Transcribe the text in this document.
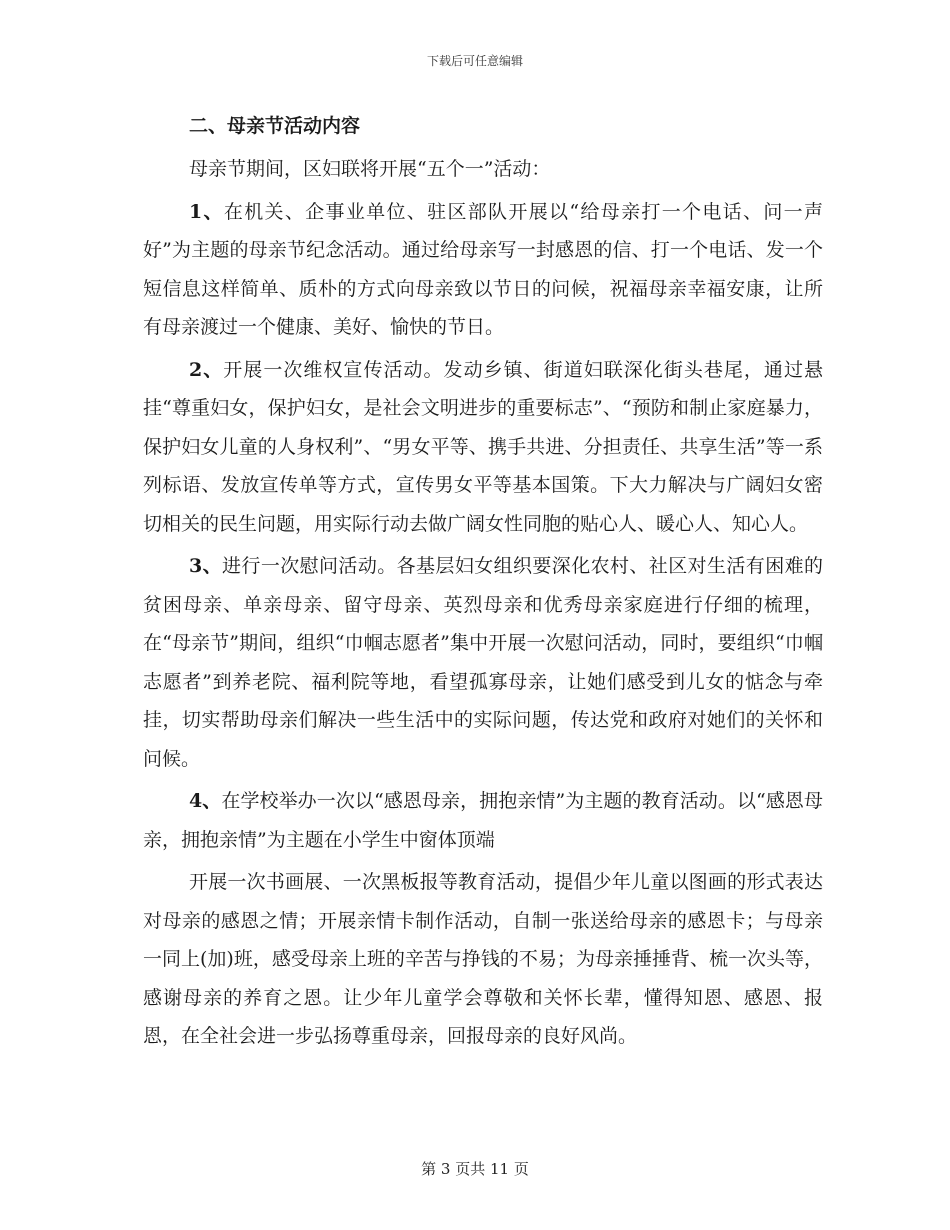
下载后可任意编辑
二、母亲节活动内容

母亲节期间，区妇联将开展“五个一”活动：

1、在机关、企事业单位、驻区部队开展以“给母亲打一个电话、问一声好”为主题的母亲节纪念活动。通过给母亲写一封感恩的信、打一个电话、发一个短信息这样简单、质朴的方式向母亲致以节日的问候，祝福母亲幸福安康，让所有母亲渡过一个健康、美好、愉快的节日。

2、开展一次维权宣传活动。发动乡镇、街道妇联深化街头巷尾，通过悬挂“尊重妇女，保护妇女，是社会文明进步的重要标志”、“预防和制止家庭暴力，保护妇女儿童的人身权利”、“男女平等、携手共进、分担责任、共享生活”等一系列标语、发放宣传单等方式，宣传男女平等基本国策。下大力解决与广阔妇女密切相关的民生问题，用实际行动去做广阔女性同胞的贴心人、暖心人、知心人。

3、进行一次慰问活动。各基层妇女组织要深化农村、社区对生活有困难的贫困母亲、单亲母亲、留守母亲、英烈母亲和优秀母亲家庭进行仔细的梳理，在“母亲节”期间，组织“巾帼志愿者”集中开展一次慰问活动，同时，要组织“巾帼志愿者”到养老院、福利院等地，看望孤寡母亲，让她们感受到儿女的惦念与牵挂，切实帮助母亲们解决一些生活中的实际问题，传达党和政府对她们的关怀和问候。

4、在学校举办一次以“感恩母亲，拥抱亲情”为主题的教育活动。以“感恩母亲，拥抱亲情”为主题在小学生中窗体顶端

开展一次书画展、一次黑板报等教育活动，提倡少年儿童以图画的形式表达对母亲的感恩之情；开展亲情卡制作活动，自制一张送给母亲的感恩卡；与母亲一同上(加)班，感受母亲上班的辛苦与挣钱的不易；为母亲捶捶背、梳一次头等，感谢母亲的养育之恩。让少年儿童学会尊敬和关怀长辈，懂得知恩、感恩、报恩，在全社会进一步弘扬尊重母亲，回报母亲的良好风尚。

第 3 页共 11 页
